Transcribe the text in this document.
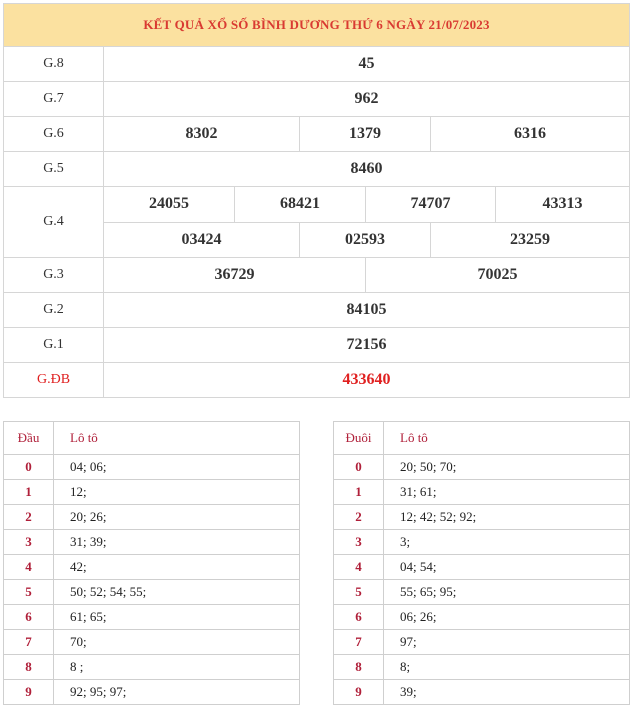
KẾT QUẢ XỔ SỐ BÌNH DƯƠNG THỨ 6 NGÀY 21/07/2023						
G.8	45					
G.7	962					
G.6	8302		1379		6316	
G.5	8460					
G.4	24055	68421		74707		43313
	03424		02593		23259	
G.3	36729			70025		
G.2	84105					
G.1	72156					
G.ĐB	433640					
Đầu	Lô tô
0	04; 06;
1	12;
2	20; 26;
3	31; 39;
4	42;
5	50; 52; 54; 55;
6	61; 65;
7	70;
8	8 ;
9	92; 95; 97;
Đuôi	Lô tô
0	20; 50; 70;
1	31; 61;
2	12; 42; 52; 92;
3	3;
4	04; 54;
5	55; 65; 95;
6	06; 26;
7	97;
8	8;
9	39;
